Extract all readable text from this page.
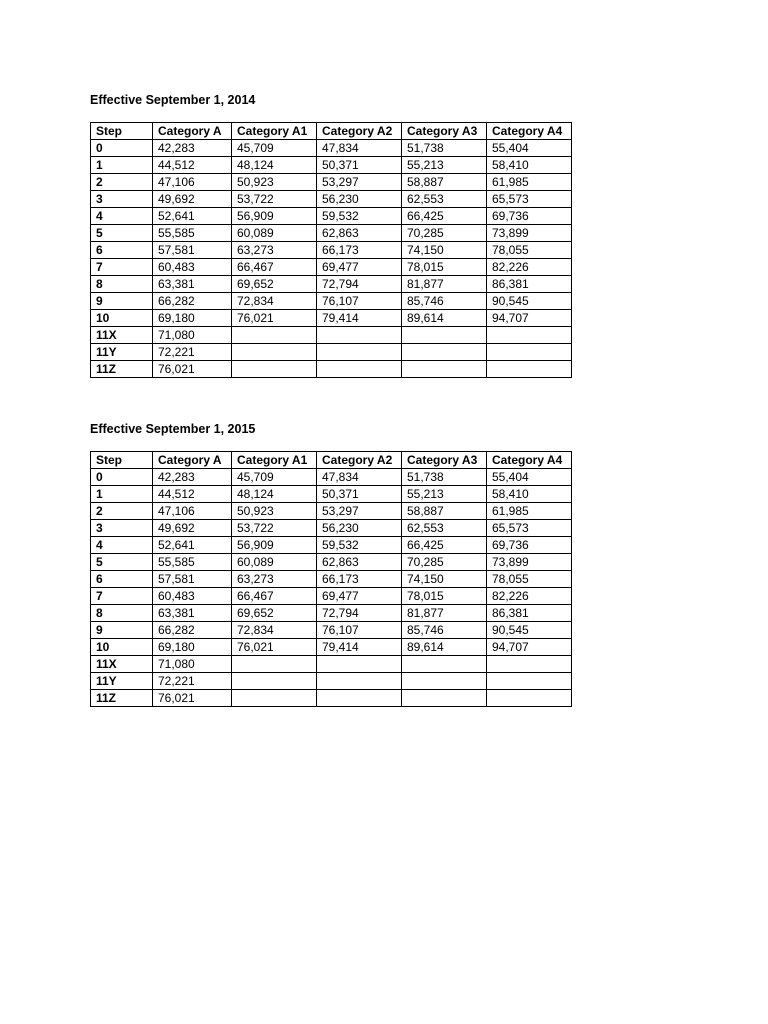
Effective September 1, 2014

Step	Category A	Category A1	Category A2	Category A3	Category A4
0	42,283	45,709	47,834	51,738	55,404
1	44,512	48,124	50,371	55,213	58,410
2	47,106	50,923	53,297	58,887	61,985
3	49,692	53,722	56,230	62,553	65,573
4	52,641	56,909	59,532	66,425	69,736
5	55,585	60,089	62,863	70,285	73,899
6	57,581	63,273	66,173	74,150	78,055
7	60,483	66,467	69,477	78,015	82,226
8	63,381	69,652	72,794	81,877	86,381
9	66,282	72,834	76,107	85,746	90,545
10	69,180	76,021	79,414	89,614	94,707
11X	71,080				
11Y	72,221				
11Z	76,021				

Effective September 1, 2015

Step	Category A	Category A1	Category A2	Category A3	Category A4
0	42,283	45,709	47,834	51,738	55,404
1	44,512	48,124	50,371	55,213	58,410
2	47,106	50,923	53,297	58,887	61,985
3	49,692	53,722	56,230	62,553	65,573
4	52,641	56,909	59,532	66,425	69,736
5	55,585	60,089	62,863	70,285	73,899
6	57,581	63,273	66,173	74,150	78,055
7	60,483	66,467	69,477	78,015	82,226
8	63,381	69,652	72,794	81,877	86,381
9	66,282	72,834	76,107	85,746	90,545
10	69,180	76,021	79,414	89,614	94,707
11X	71,080				
11Y	72,221				
11Z	76,021				
